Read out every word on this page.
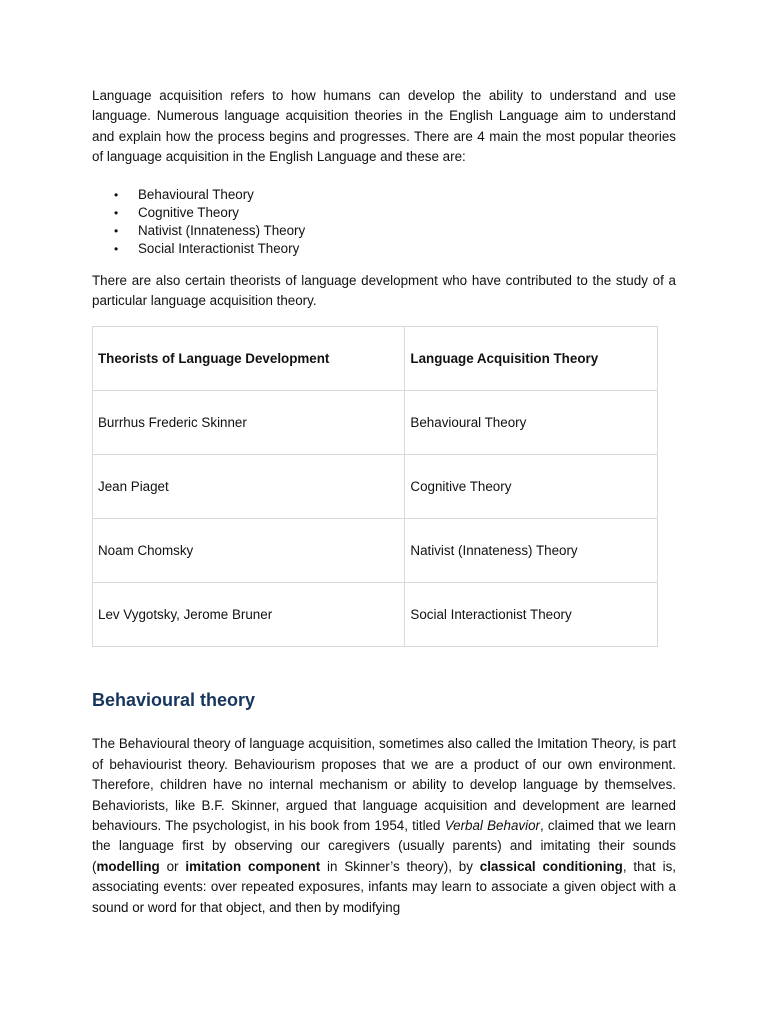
Language acquisition refers to how humans can develop the ability to understand and use language. Numerous language acquisition theories in the English Language aim to understand and explain how the process begins and progresses. There are 4 main the most popular theories of language acquisition in the English Language and these are:

• Behavioural Theory
• Cognitive Theory
• Nativist (Innateness) Theory
• Social Interactionist Theory

There are also certain theorists of language development who have contributed to the study of a particular language acquisition theory.

Theorists of Language Development	Language Acquisition Theory
Burrhus Frederic Skinner	Behavioural Theory
Jean Piaget	Cognitive Theory
Noam Chomsky	Nativist (Innateness) Theory
Lev Vygotsky, Jerome Bruner	Social Interactionist Theory
Behavioural theory

The Behavioural theory of language acquisition, sometimes also called the Imitation Theory, is part of behaviourist theory. Behaviourism proposes that we are a product of our own environment. Therefore, children have no internal mechanism or ability to develop language by themselves. Behaviorists, like B.F. Skinner, argued that language acquisition and development are learned behaviours. The psychologist, in his book from 1954, titled Verbal Behavior, claimed that we learn the language first by observing our caregivers (usually parents) and imitating their sounds (modelling or imitation component in Skinner’s theory), by classical conditioning, that is, associating events: over repeated exposures, infants may learn to associate a given object with a sound or word for that object, and then by modifying
